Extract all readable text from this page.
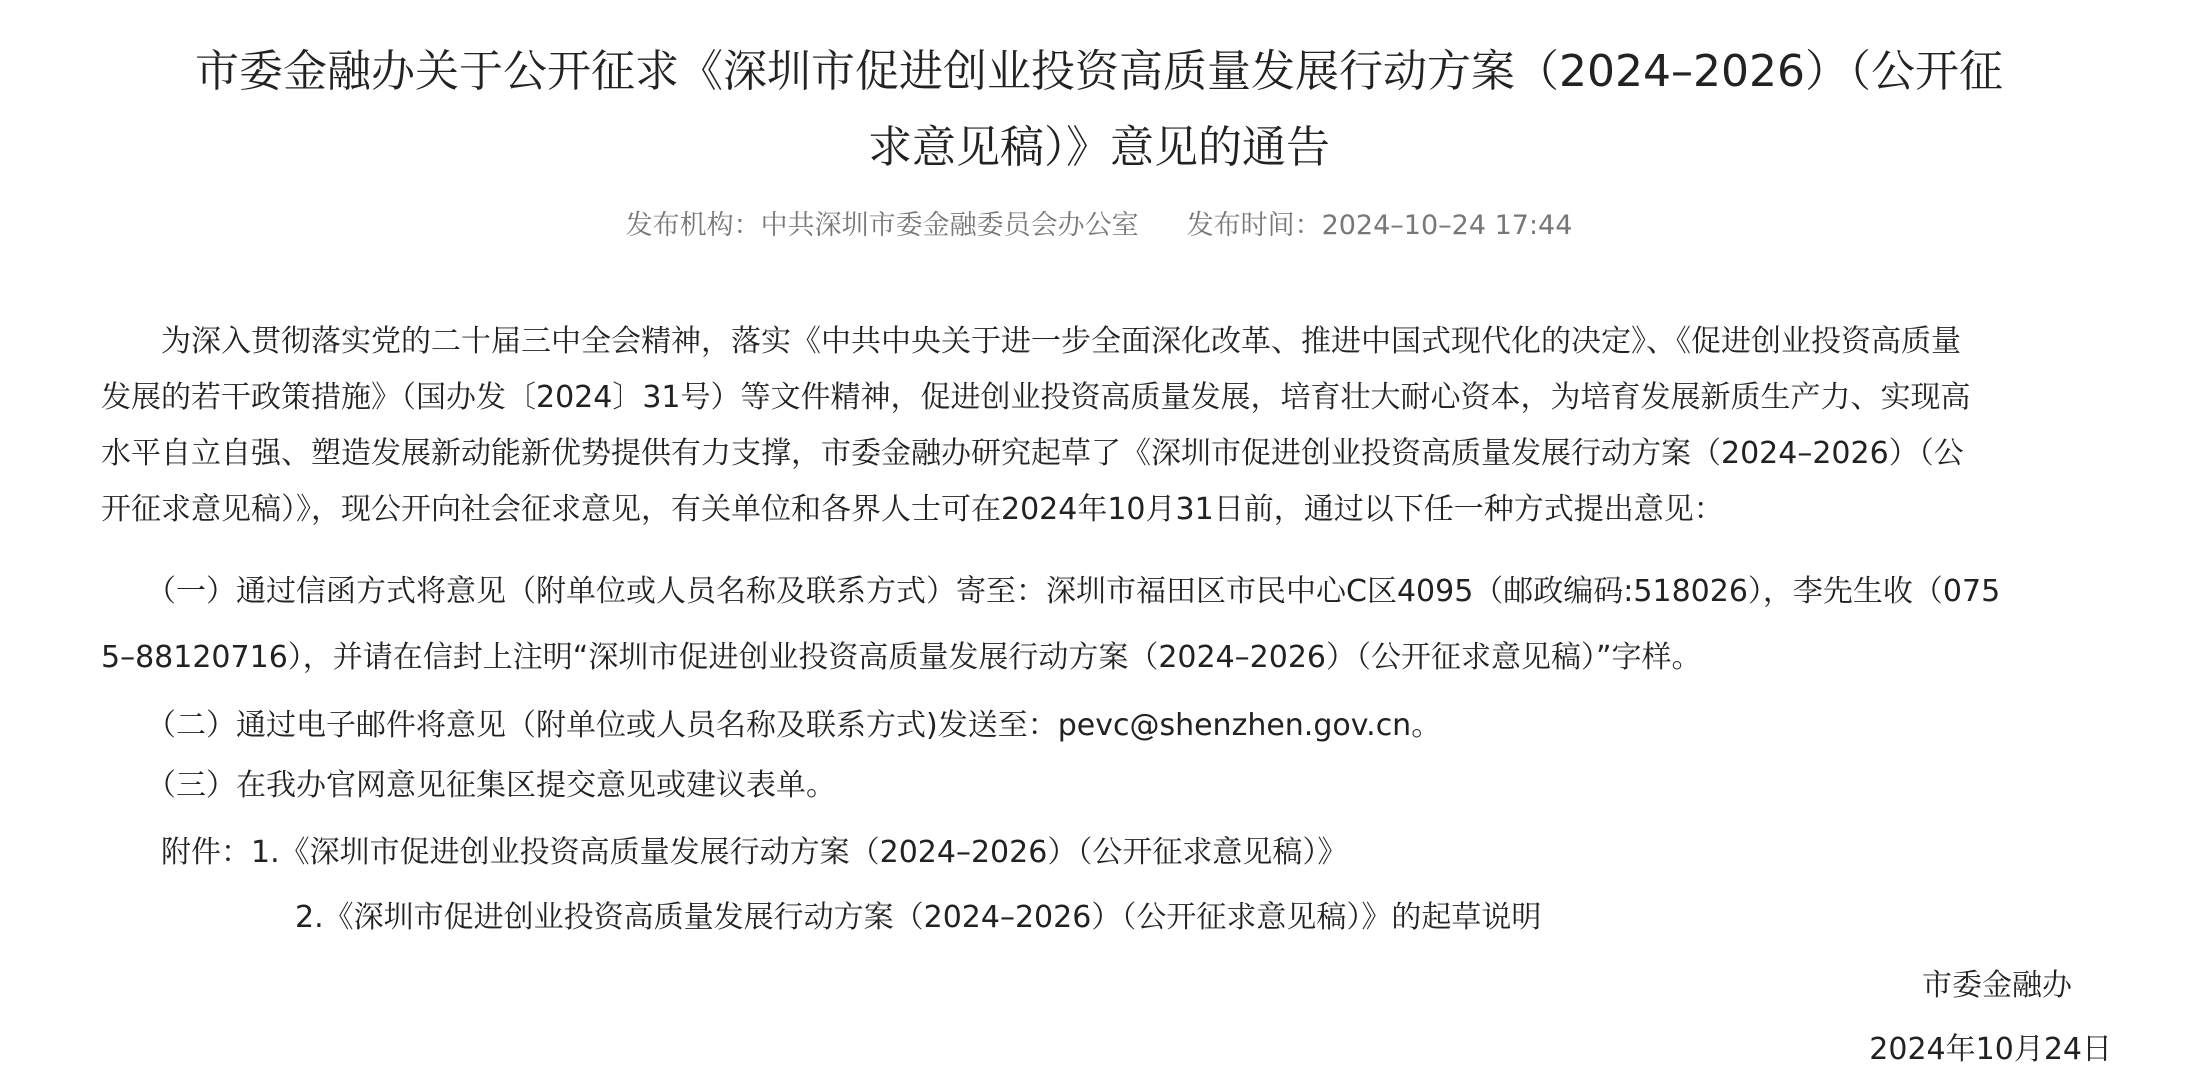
市委金融办关于公开征求《深圳市促进创业投资高质量发展行动方案（2024–2026）（公开征
求意见稿）》意见的通告
发布机构：中共深圳市委金融委员会办公室 发布时间：2024–10–24 17:44
　　为深入贯彻落实党的二十届三中全会精神，落实《中共中央关于进一步全面深化改革、推进中国式现代化的决定》、《促进创业投资高质量
发展的若干政策措施》（国办发〔2024〕31号）等文件精神，促进创业投资高质量发展，培育壮大耐心资本，为培育发展新质生产力、实现高
水平自立自强、塑造发展新动能新优势提供有力支撑，市委金融办研究起草了《深圳市促进创业投资高质量发展行动方案（2024–2026）（公
开征求意见稿）》，现公开向社会征求意见，有关单位和各界人士可在2024年10月31日前，通过以下任一种方式提出意见：
　　（一）通过信函方式将意见（附单位或人员名称及联系方式）寄至：深圳市福田区市民中心C区4095（邮政编码:518026），李先生收（075
5–88120716），并请在信封上注明“深圳市促进创业投资高质量发展行动方案（2024–2026）（公开征求意见稿）”字样。
　　（二）通过电子邮件将意见（附单位或人员名称及联系方式)发送至：pevc@shenzhen.gov.cn。
　　（三）在我办官网意见征集区提交意见或建议表单。
　　附件：1.《深圳市促进创业投资高质量发展行动方案（2024–2026）（公开征求意见稿）》
2.《深圳市促进创业投资高质量发展行动方案（2024–2026）（公开征求意见稿）》的起草说明
市委金融办
2024年10月24日
